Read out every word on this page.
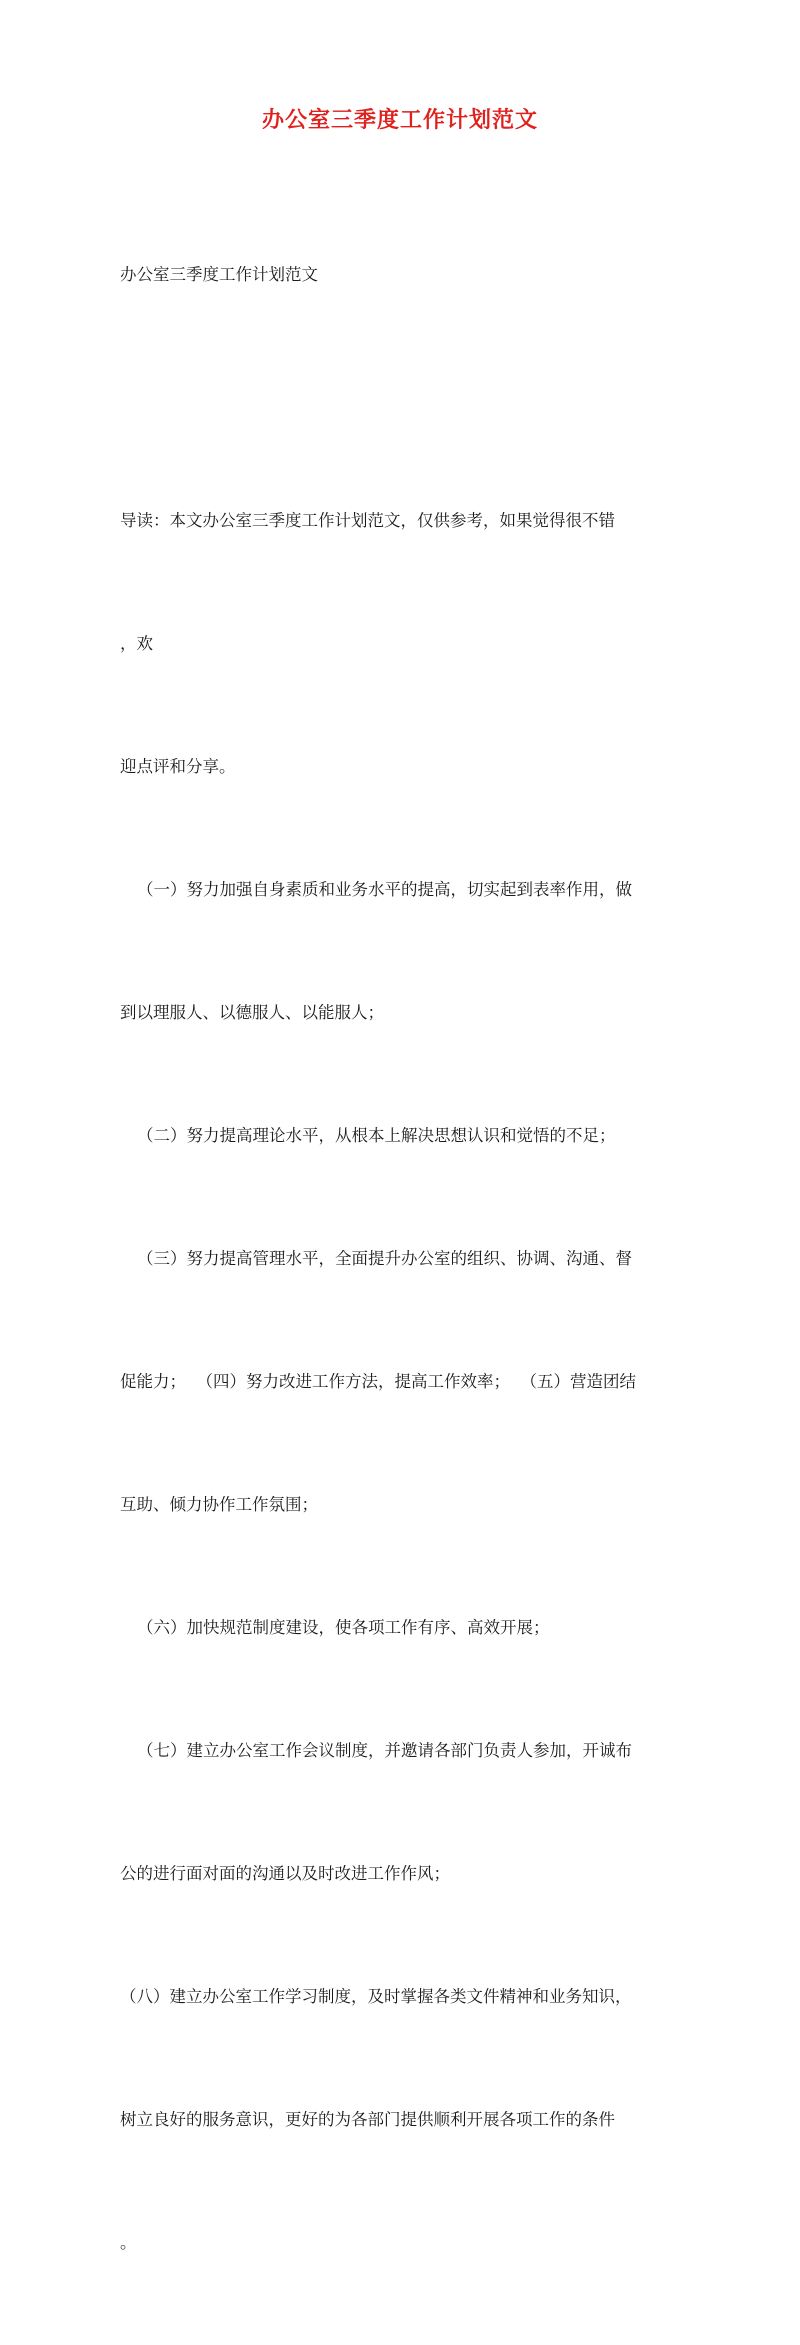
办公室三季度工作计划范文

办公室三季度工作计划范文

导读：本文办公室三季度工作计划范文，仅供参考，如果觉得很不错

，欢

迎点评和分享。

（一）努力加强自身素质和业务水平的提高，切实起到表率作用，做

到以理服人、以德服人、以能服人；

（二）努力提高理论水平，从根本上解决思想认识和觉悟的不足；

（三）努力提高管理水平，全面提升办公室的组织、协调、沟通、督

促能力；  （四）努力改进工作方法，提高工作效率；  （五）营造团结

互助、倾力协作工作氛围；

（六）加快规范制度建设，使各项工作有序、高效开展；

（七）建立办公室工作会议制度，并邀请各部门负责人参加，开诚布

公的进行面对面的沟通以及时改进工作作风；

（八）建立办公室工作学习制度，及时掌握各类文件精神和业务知识，

树立良好的服务意识，更好的为各部门提供顺利开展各项工作的条件

。
